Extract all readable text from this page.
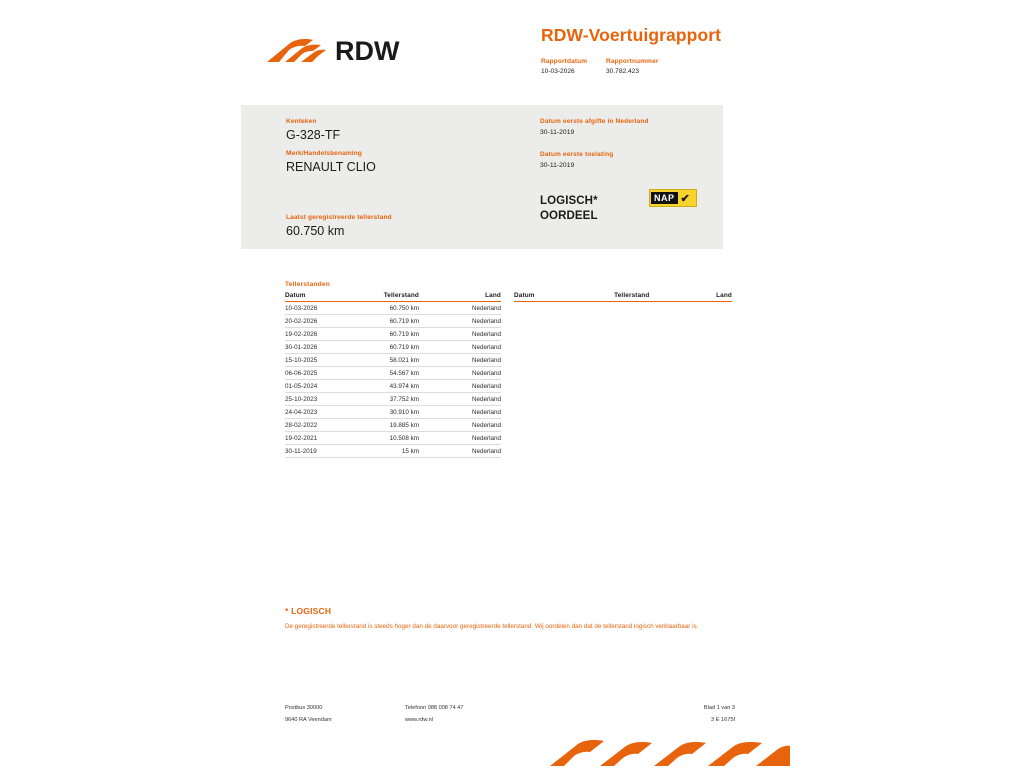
RDW
RDW-Voertuigrapport
Rapportdatum
10-03-2026
Rapportnummer
30.782.423
Kenteken
G-328-TF
Merk/Handelsbenaming
RENAULT CLIO
Laatst geregistreerde tellerstand
60.750 km
Datum eerste afgifte in Nederland
30-11-2019
Datum eerste toelating
30-11-2019
LOGISCH*
OORDEEL
NAP ✔
Tellerstanden
Datum	Tellerstand	Land
10-03-2026	60.750 km	Nederland
20-02-2026	60.719 km	Nederland
19-02-2026	60.719 km	Nederland
30-01-2026	60.719 km	Nederland
15-10-2025	58.021 km	Nederland
06-06-2025	54.567 km	Nederland
01-05-2024	43.974 km	Nederland
25-10-2023	37.752 km	Nederland
24-04-2023	30.910 km	Nederland
28-02-2022	19.885 km	Nederland
19-02-2021	10.508 km	Nederland
30-11-2019	15 km	Nederland
Datum	Tellerstand	Land
* LOGISCH
De geregistreerde tellerstand is steeds hoger dan de daarvoor geregistreerde tellerstand. Wij oordelen dan dat de tellerstand logisch verklaarbaar is.
Postbus 30000
9640 RA Veendam
Telefoon 088 008 74 47
www.rdw.nl
Blad 1 van 3
3 E 1675f
